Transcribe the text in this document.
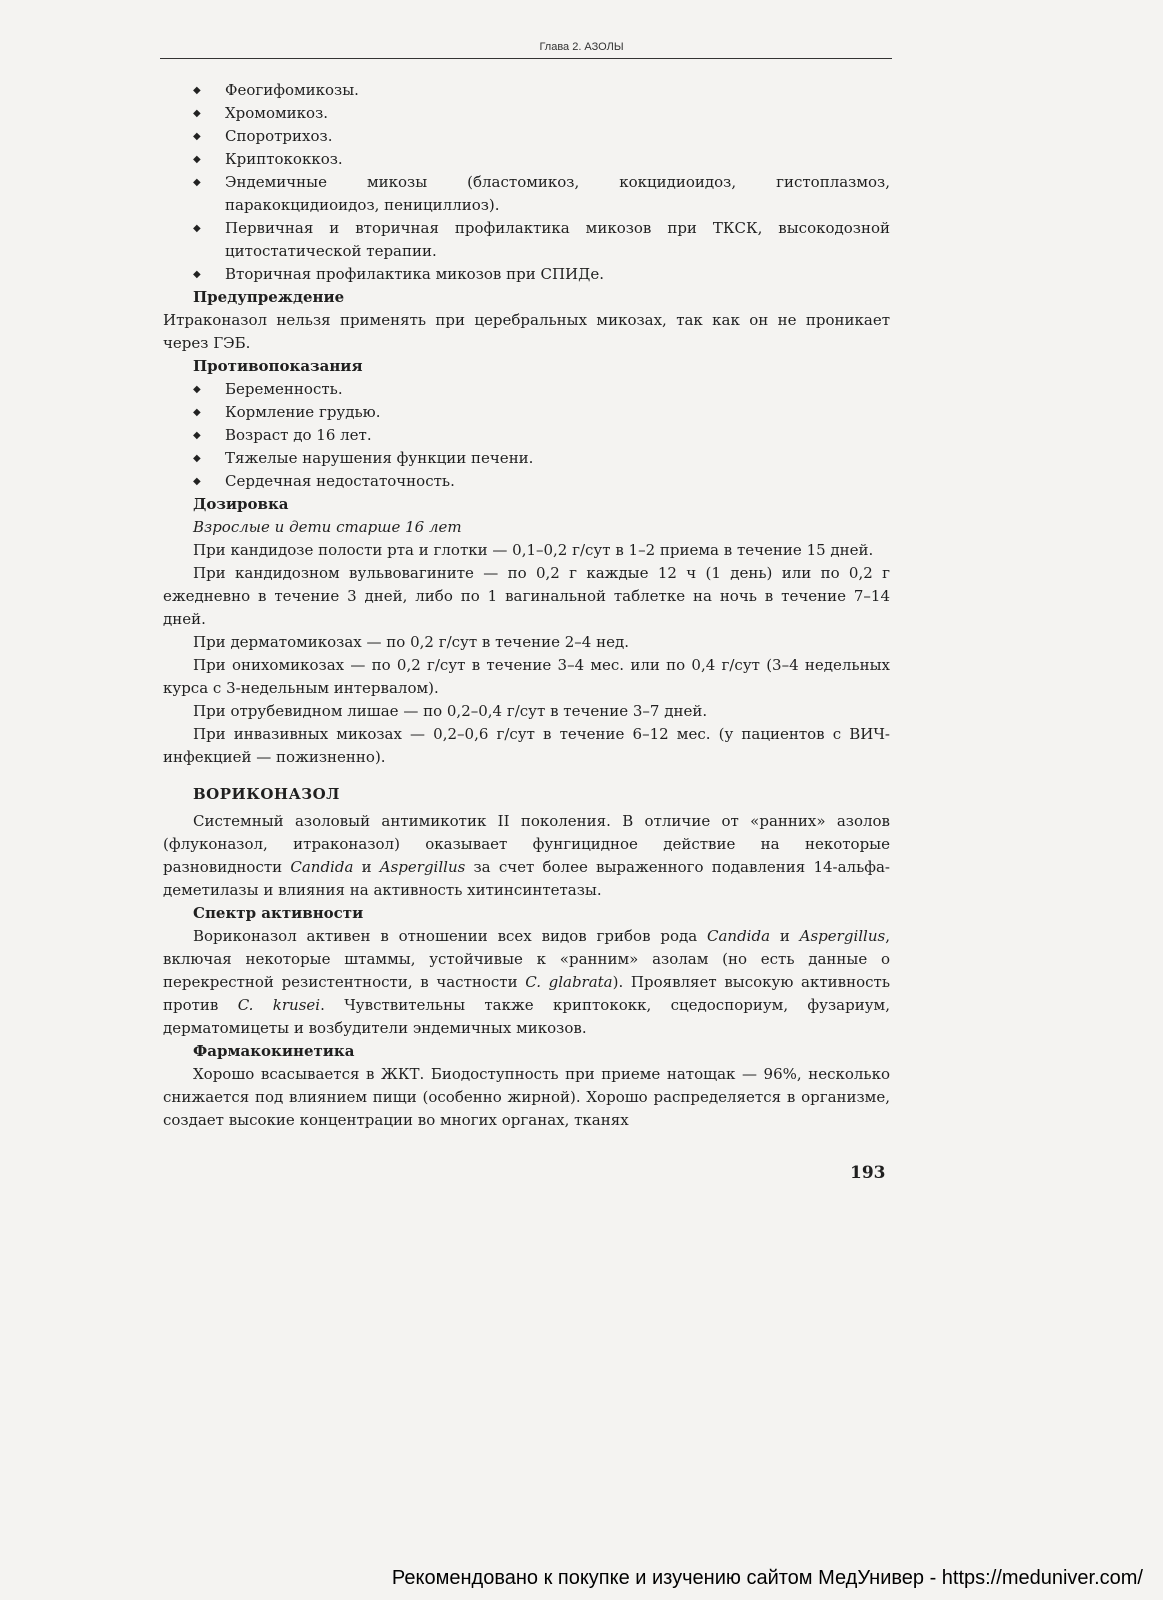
Глава 2. АЗОЛЫ
◆ Феогифомикозы.
◆ Хромомикоз.
◆ Споротрихоз.
◆ Криптококкоз.
◆ Эндемичные микозы (бластомикоз, кокцидиоидоз, гистоплазмоз, паракокцидиоидоз, пенициллиоз).
◆ Первичная и вторичная профилактика микозов при ТКСК, высокодозной цитостатической терапии.
◆ Вторичная профилактика микозов при СПИДе.

Предупреждение

Итраконазол нельзя применять при церебральных микозах, так как он не проникает через ГЭБ.

Противопоказания

◆ Беременность.
◆ Кормление грудью.
◆ Возраст до 16 лет.
◆ Тяжелые нарушения функции печени.
◆ Сердечная недостаточность.

Дозировка

Взрослые и дети старше 16 лет

При кандидозе полости рта и глотки — 0,1–0,2 г/сут в 1–2 приема в течение 15 дней.

При кандидозном вульвовагините — по 0,2 г каждые 12 ч (1 день) или по 0,2 г ежедневно в течение 3 дней, либо по 1 вагинальной таблетке на ночь в течение 7–14 дней.

При дерматомикозах — по 0,2 г/сут в течение 2–4 нед.

При онихомикозах — по 0,2 г/сут в течение 3–4 мес. или по 0,4 г/сут (3–4 недельных курса с 3-недельным интервалом).

При отрубевидном лишае — по 0,2–0,4 г/сут в течение 3–7 дней.

При инвазивных микозах — 0,2–0,6 г/сут в течение 6–12 мес. (у пациентов с ВИЧ-инфекцией — пожизненно).

ВОРИКОНАЗОЛ

Системный азоловый антимикотик II поколения. В отличие от «ранних» азолов (флуконазол, итраконазол) оказывает фунгицидное действие на некоторые разновидности Candida и Aspergillus за счет более выраженного подавления 14-альфа-деметилазы и влияния на активность хитинсинтетазы.

Спектр активности

Вориконазол активен в отношении всех видов грибов рода Candida и Aspergillus, включая некоторые штаммы, устойчивые к «ранним» азолам (но есть данные о перекрестной резистентности, в частности C. glabrata). Проявляет высокую активность против C. krusei. Чувствительны также криптококк, сцедоспориум, фузариум, дерматомицеты и возбудители эндемичных микозов.

Фармакокинетика

Хорошо всасывается в ЖКТ. Биодоступность при приеме натощак — 96%, несколько снижается под влиянием пищи (особенно жирной). Хорошо распределяется в организме, создает высокие концентрации во многих органах, тканях

193
Рекомендовано к покупке и изучению сайтом МедУнивер - https://meduniver.com/
